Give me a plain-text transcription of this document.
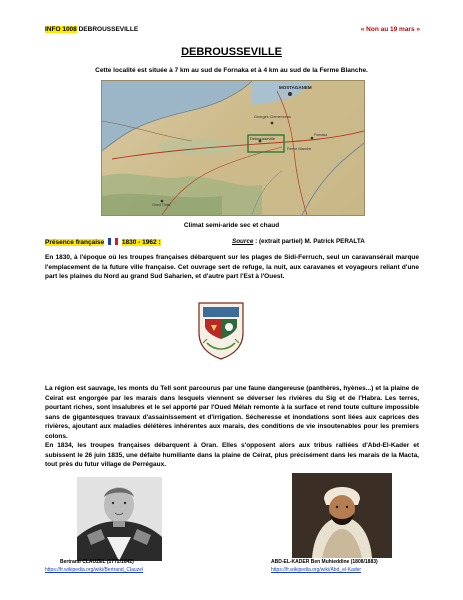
INFO 1008 DEBROUSSEVILLE	« Non au 19 mars »
DEBROUSSEVILLE
Cette localité est située à 7 km au sud de Fornaka et à 4 km au sud de la Ferme Blanche.
MOSTAGANEM
Georges Clemenceau
Debrousseville
Ferme Blanche
Fornaka
Oued Tlelat
Climat semi-aride sec et chaud
Présence française	1830 - 1962 :	Source : (extrait partiel) M. Patrick PERALTA
En 1830, à l'époque où les troupes françaises débarquent sur les plages de Sidi-Ferruch, seul un caravansérail marque l'emplacement de la future ville française. Cet ouvrage sert de refuge, la nuit, aux caravanes et voyageurs reliant d'une part les plaines du Nord au grand Sud Saharien, et d'autre part l'Est à l'Ouest.
La région est sauvage, les monts du Tell sont parcourus par une faune dangereuse (panthères, hyènes...) et la plaine de Ceirat est engorgée par les marais dans lesquels viennent se déverser les rivières du Sig et de l'Habra. Les terres, pourtant riches, sont insalubres et le sel apporté par l'Oued Mélah remonte à la surface et rend toute culture impossible sans de gigantesques travaux d'assainissement et d'irrigation. Sécheresse et inondations sont liées aux caprices des rivières, ajoutant aux maladies délétères inhérentes aux marais, des conditions de vie insoutenables pour les premiers colons.
En 1834, les troupes françaises débarquent à Oran. Elles s'opposent alors aux tribus ralliées d'Abd-El-Kader et subissent le 26 juin 1835, une défaite humiliante dans la plaine de Ceirat, plus précisément dans les marais de la Macta, tout près du futur village de Perrégaux.
Bertrand CLAUZEL (1772/1842)
https://fr.wikipedia.org/wiki/Bertrand_Clauzel
ABD-EL-KADER Ben Muhieddine (1808/1883)
https://fr.wikipedia.org/wiki/Abd_el-Kader
